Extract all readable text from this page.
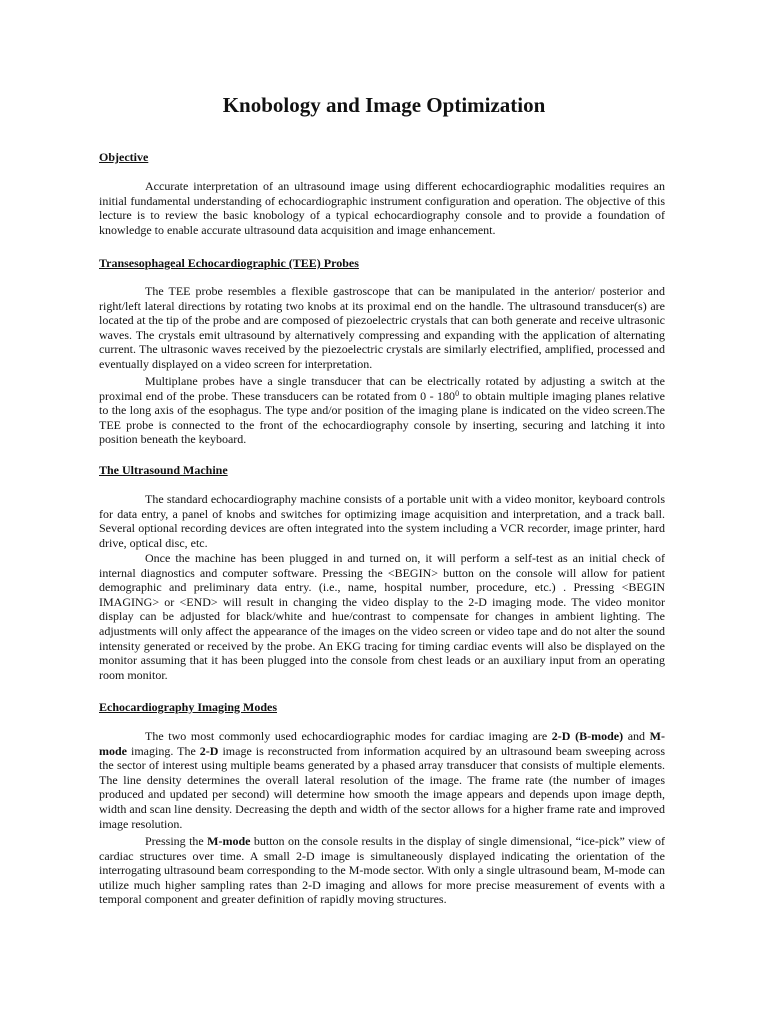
Knobology and Image Optimization

Objective

Accurate interpretation of an ultrasound image using different echocardiographic modalities requires an initial fundamental understanding of echocardiographic instrument configuration and operation. The objective of this lecture is to review the basic knobology of a typical echocardiography console and to provide a foundation of knowledge to enable accurate ultrasound data acquisition and image enhancement.

Transesophageal Echocardiographic (TEE) Probes

The TEE probe resembles a flexible gastroscope that can be manipulated in the anterior/ posterior and right/left lateral directions by rotating two knobs at its proximal end on the handle. The ultrasound transducer(s) are located at the tip of the probe and are composed of piezoelectric crystals that can both generate and receive ultrasonic waves. The crystals emit ultrasound by alternatively compressing and expanding with the application of alternating current. The ultrasonic waves received by the piezoelectric crystals are similarly electrified, amplified, processed and eventually displayed on a video screen for interpretation.

Multiplane probes have a single transducer that can be electrically rotated by adjusting a switch at the proximal end of the probe. These transducers can be rotated from $0 - 180^0$ to obtain multiple imaging planes relative to the long axis of the esophagus. The type and/or position of the imaging plane is indicated on the video screen.The TEE probe is connected to the front of the echocardiography console by inserting, securing and latching it into position beneath the keyboard.

The Ultrasound Machine

The standard echocardiography machine consists of a portable unit with a video monitor, keyboard controls for data entry, a panel of knobs and switches for optimizing image acquisition and interpretation, and a track ball. Several optional recording devices are often integrated into the system including a VCR recorder, image printer, hard drive, optical disc, etc.

Once the machine has been plugged in and turned on, it will perform a self-test as an initial check of internal diagnostics and computer software. Pressing the <BEGIN> button on the console will allow for patient demographic and preliminary data entry. (i.e., name, hospital number, procedure, etc.) . Pressing <BEGIN IMAGING> or <END> will result in changing the video display to the 2-D imaging mode. The video monitor display can be adjusted for black/white and hue/contrast to compensate for changes in ambient lighting. The adjustments will only affect the appearance of the images on the video screen or video tape and do not alter the sound intensity generated or received by the probe. An EKG tracing for timing cardiac events will also be displayed on the monitor assuming that it has been plugged into the console from chest leads or an auxiliary input from an operating room monitor.

Echocardiography Imaging Modes

The two most commonly used echocardiographic modes for cardiac imaging are 2-D (B-mode) and M-mode imaging. The 2-D image is reconstructed from information acquired by an ultrasound beam sweeping across the sector of interest using multiple beams generated by a phased array transducer that consists of multiple elements. The line density determines the overall lateral resolution of the image. The frame rate (the number of images produced and updated per second) will determine how smooth the image appears and depends upon image depth, width and scan line density. Decreasing the depth and width of the sector allows for a higher frame rate and improved image resolution.

Pressing the M-mode button on the console results in the display of single dimensional, “ice-pick” view of cardiac structures over time. A small 2-D image is simultaneously displayed indicating the orientation of the interrogating ultrasound beam corresponding to the M-mode sector. With only a single ultrasound beam, M-mode can utilize much higher sampling rates than 2-D imaging and allows for more precise measurement of events with a temporal component and greater definition of rapidly moving structures.
